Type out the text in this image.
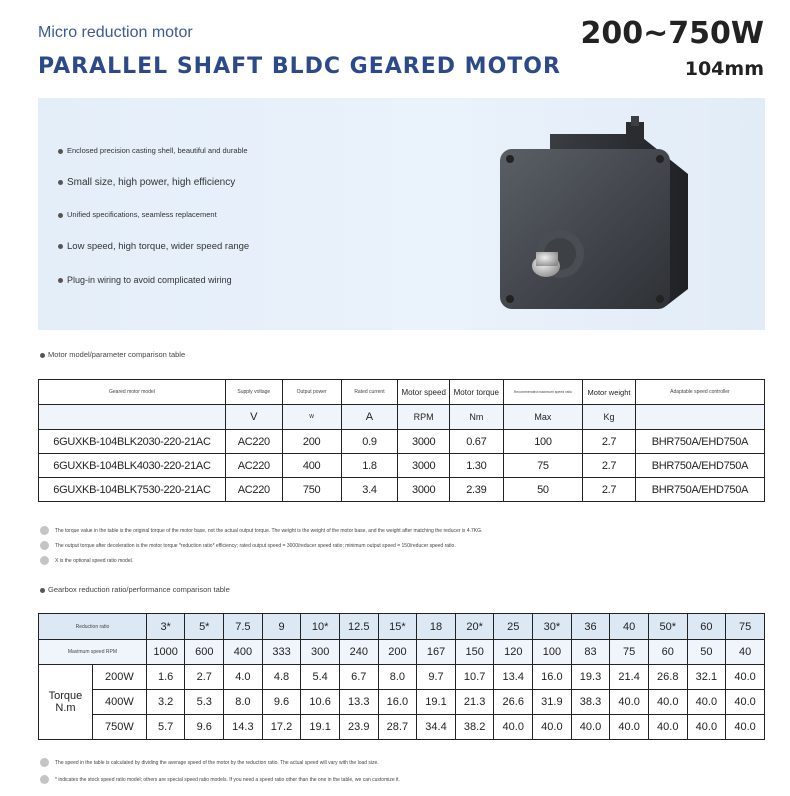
Micro reduction motor
PARALLEL SHAFT BLDC GEARED MOTOR
200~750W
104mm
Enclosed precision casting shell, beautiful and durable
Small size, high power, high efficiency
Unified specifications, seamless replacement
Low speed, high torque, wider speed range
Plug-in wiring to avoid complicated wiring
Motor model/parameter comparison table
Geared motor model	Supply voltage	Output power	Rated current	Motor speed	Motor torque	Recommended maximum speed ratio	Motor weight	Adaptable speed controller
	V	W	A	RPM	Nm	Max	Kg	
6GUXKB-104BLK2030-220-21AC	AC220	200	0.9	3000	0.67	100	2.7	BHR750A/EHD750A
6GUXKB-104BLK4030-220-21AC	AC220	400	1.8	3000	1.30	75	2.7	BHR750A/EHD750A
6GUXKB-104BLK7530-220-21AC	AC220	750	3.4	3000	2.39	50	2.7	BHR750A/EHD750A
The torque value in the table is the original torque of the motor base, not the actual output torque. The weight is the weight of the motor base, and the weight after matching the reducer is 4.7KG.
The output torque after deceleration is the motor torque *reduction ratio* efficiency; rated output speed = 3000/reducer speed ratio; minimum output speed = 150/reducer speed ratio.
X is the optional speed ratio model.
Gearbox reduction ratio/performance comparison table
Reduction ratio		3*	5*	7.5	9	10*	12.5	15*	18	20*	25	30*	36	40	50*	60	75
Maximum speed RPM		1000	600	400	333	300	240	200	167	150	120	100	83	75	60	50	40
Torque N.m	200W	1.6	2.7	4.0	4.8	5.4	6.7	8.0	9.7	10.7	13.4	16.0	19.3	21.4	26.8	32.1	40.0
	400W	3.2	5.3	8.0	9.6	10.6	13.3	16.0	19.1	21.3	26.6	31.9	38.3	40.0	40.0	40.0	40.0
	750W	5.7	9.6	14.3	17.2	19.1	23.9	28.7	34.4	38.2	40.0	40.0	40.0	40.0	40.0	40.0	40.0
The speed in the table is calculated by dividing the average speed of the motor by the reduction ratio. The actual speed will vary with the load size.
* indicates the stock speed ratio model; others are special speed ratio models. If you need a speed ratio other than the one in the table, we can customize it.
